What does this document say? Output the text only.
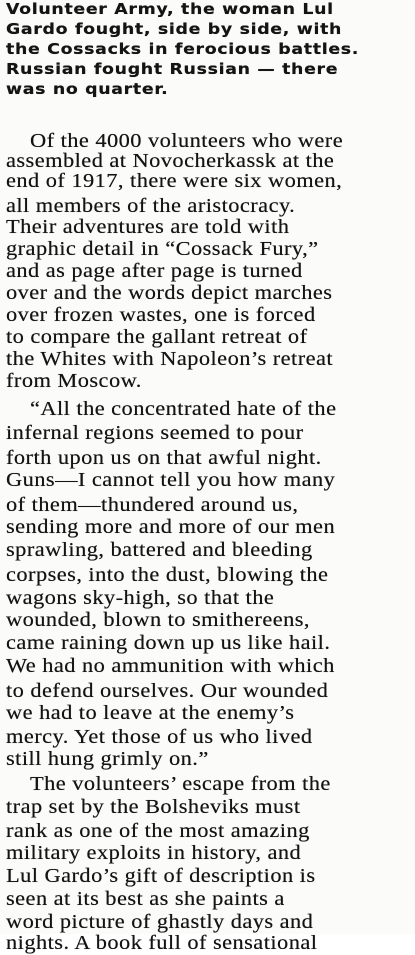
Volunteer Army, the woman Lul
Gardo fought, side by side, with
the Cossacks in ferocious battles.
Russian fought Russian — there
was no quarter.
Of the 4000 volunteers who were
assembled at Novocherkassk at the
end of 1917, there were six women,
all members of the aristocracy.
Their adventures are told with
graphic detail in “Cossack Fury,”
and as page after page is turned
over and the words depict marches
over frozen wastes, one is forced
to compare the gallant retreat of
the Whites with Napoleon’s retreat
from Moscow.
“All the concentrated hate of the
infernal regions seemed to pour
forth upon us on that awful night.
Guns—I cannot tell you how many
of them—thundered around us,
sending more and more of our men
sprawling, battered and bleeding
corpses, into the dust, blowing the
wagons sky-high, so that the
wounded, blown to smithereens,
came raining down up us like hail.
We had no ammunition with which
to defend ourselves. Our wounded
we had to leave at the enemy’s
mercy. Yet those of us who lived
still hung grimly on.”
The volunteers’ escape from the
trap set by the Bolsheviks must
rank as one of the most amazing
military exploits in history, and
Lul Gardo’s gift of description is
seen at its best as she paints a
word picture of ghastly days and
nights. A book full of sensational
